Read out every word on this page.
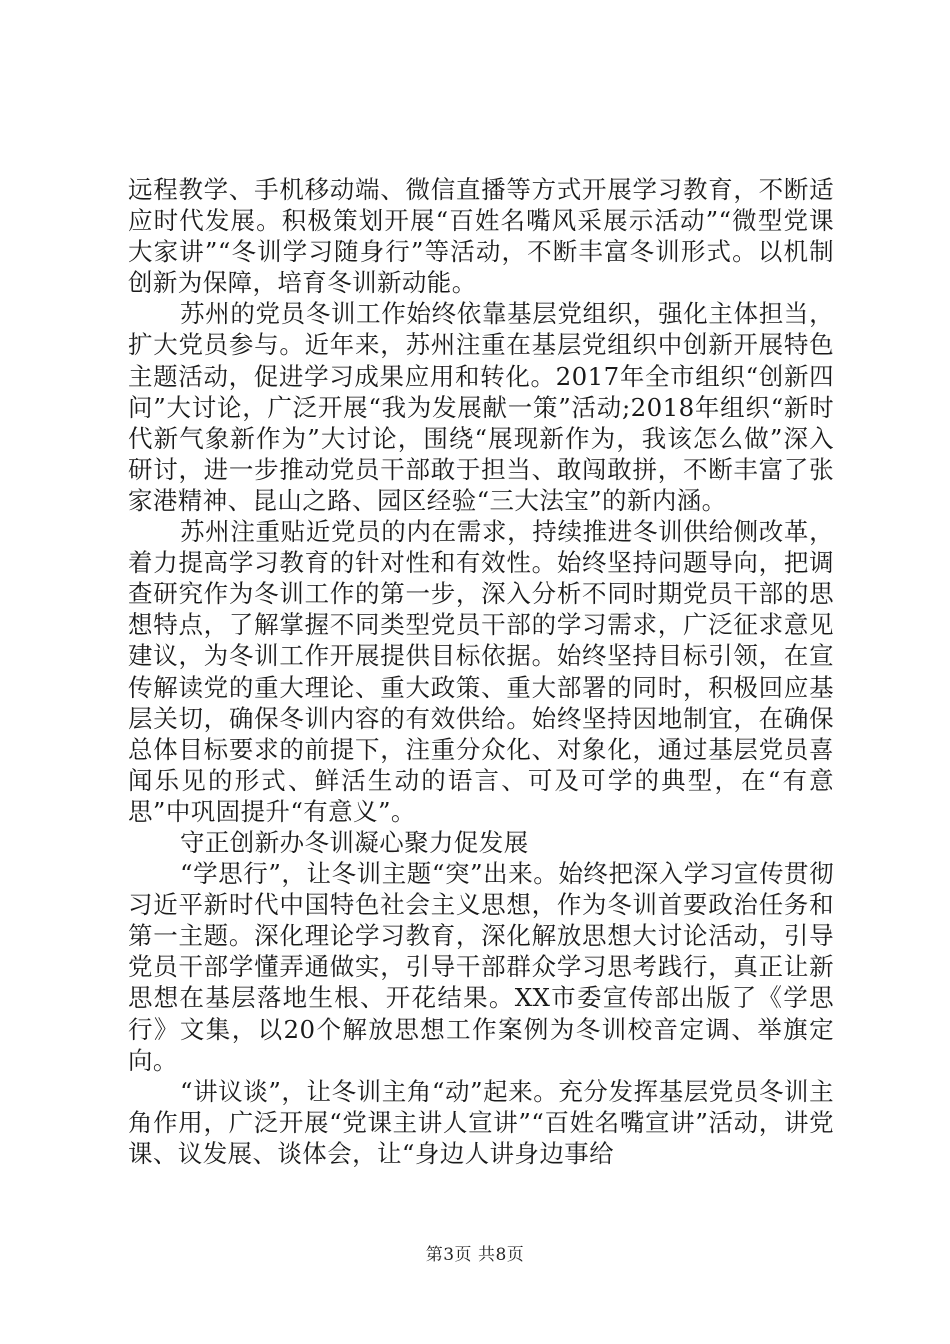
远程教学、手机移动端、微信直播等方式开展学习教育，不断适应时代发展。积极策划开展“百姓名嘴风采展示活动”“微型党课大家讲”“冬训学习随身行”等活动，不断丰富冬训形式。以机制创新为保障，培育冬训新动能。

苏州的党员冬训工作始终依靠基层党组织，强化主体担当，扩大党员参与。近年来，苏州注重在基层党组织中创新开展特色主题活动，促进学习成果应用和转化。2017年全市组织“创新四问”大讨论，广泛开展“我为发展献一策”活动;2018年组织“新时代新气象新作为”大讨论，围绕“展现新作为，我该怎么做”深入研讨，进一步推动党员干部敢于担当、敢闯敢拼，不断丰富了张家港精神、昆山之路、园区经验“三大法宝”的新内涵。

苏州注重贴近党员的内在需求，持续推进冬训供给侧改革，着力提高学习教育的针对性和有效性。始终坚持问题导向，把调查研究作为冬训工作的第一步，深入分析不同时期党员干部的思想特点，了解掌握不同类型党员干部的学习需求，广泛征求意见建议，为冬训工作开展提供目标依据。始终坚持目标引领，在宣传解读党的重大理论、重大政策、重大部署的同时，积极回应基层关切，确保冬训内容的有效供给。始终坚持因地制宜，在确保总体目标要求的前提下，注重分众化、对象化，通过基层党员喜闻乐见的形式、鲜活生动的语言、可及可学的典型，在“有意思”中巩固提升“有意义”。

守正创新办冬训凝心聚力促发展

“学思行”，让冬训主题“突”出来。始终把深入学习宣传贯彻习近平新时代中国特色社会主义思想，作为冬训首要政治任务和第一主题。深化理论学习教育，深化解放思想大讨论活动，引导党员干部学懂弄通做实，引导干部群众学习思考践行，真正让新思想在基层落地生根、开花结果。XX市委宣传部出版了《学思行》文集，以20个解放思想工作案例为冬训校音定调、举旗定向。

“讲议谈”，让冬训主角“动”起来。充分发挥基层党员冬训主角作用，广泛开展“党课主讲人宣讲”“百姓名嘴宣讲”活动，讲党课、议发展、谈体会，让“身边人讲身边事给

第3页 共8页
